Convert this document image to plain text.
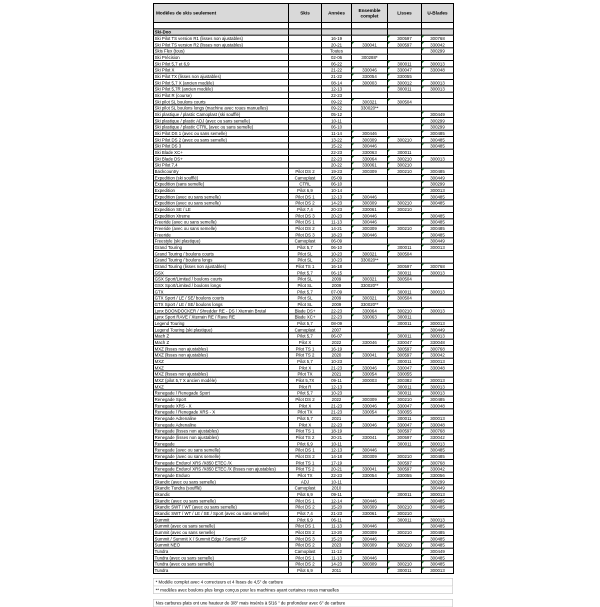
Modèles de skis seulement	Skis	Années	Ensemble complet	Lisses	U-Blades

Ski-Doo					
Ski Pilot TS version R1 (lisses non ajustables)		16-19		300597	300768
Ski Pilot TS version R2 (lisses non ajustables)		20-21	330041	300597	330042
Skis Flex (tous)		Toutes			300299
Ski Précision		02-06	300288*		
Ski Pilot 5,7 et 6,9		06-22		300011	300013
Ski Pilot X		21-22	330046	330047	330048
Ski Pilot TX (lisses non ajustables)		21-22	330054	330055	
Ski Pilot 5,7 X (ancien modèle)		08-14	300003	300012	300013
Ski Pilot 5,7R (ancien modèle)		12-13		300011	300013
Ski Pilot R (course)		22-23			
Ski pilot SL boulons courts		09-22	300321	300504	
Ski pilot SL boulons longs (machine avec roues manuelles)		09-22	330020**		
Ski plastique / plastic Camoplast (ski soufflé)		05-12			300449
Ski plastique / plastic ADJ (avec ou sans semelle)		10-11			300299
Ski plastique / plastic CTRL (avec ou sans semelle)		06-10			300299
Ski Pilot DS 1 (avec ou sans semelle)		11-14	300446		300485
Ski Pilot DS 2 (avec ou sans semelle)		13-22	300309	300210	300485
Ski Pilot DS 3		15-22	300446		300485
Ski Blade XC+		22-23	330063	300011	
Ski Blade DS+		22-23	330064	300210	300013
Ski Pilot 7,4		20-22	330061	300210	
Backcountry	Pilot DS 2	19-23	300309	300210	300485
Expedition (ski soufflé)	Camoplast	05-09			300449
Expedition (sans semelle)	CTRL	06-10			300299
Expedition	Pilot 6,9	10-14			300013
Expedition (avec ou sans semelle)	Pilot DS 1	12-13	300446		300485
Expedition (avec ou sans semelle)	Pilot DS 2	14-23	300309	300210	300485
Expedition SE / LE	Pilot 7,4	20-23	330061	300210	
Expedition Xtreme	Pilot DS 3	20-23	300446		300485
Freeride (avec ou sans semelle)	Pilot DS 1	11-13	300446		300485
Freeride (avec ou sans semelle)	Pilot DS 2	14-21	300309	300210	300485
Freeride	Pilot DS 3	18-23	300446		300485
Freestyle (ski plastique)	Camoplast	06-09			300449
Grand Touring	Pilot 5,7	06-10		300011	300013
Grand Touring / boulons courts	Pilot SL	10-23	300321	300504	
Grand Touring / boulons longs	Pilot SL	10-23	330020**		
Grand Touring (lisses non ajustables)	Pilot TS 1	16-18		300597	300768
GSX	Pilot 5,7	06-15		300011	300013
GSX Sport/Limited / boulons courts	Pilot SL	2009	300321	300504	
GSX Sport/Limited / boulons longs	Pilot SL	2009	330020**		
GTX	Pilot 5,7	07-09		300011	300013
GTX Sport / LE / SE/ boulons courts	Pilot SL	2009	300321	300504	
GTX Sport / LE / SE/ boulons longs	Pilot SL	2009	330020**		
Lynx BOONDOCKER / Shredder RE - DS / Xterrain Brutal	Blade DS+	22-23	330064	300210	300013
Lynx Sport RAVE / Xterrain RE / Rave RE	Blade XC+	22-23	330063	300011	
Legend Touring	Pilot 5,7	08-09		300011	300013
Legend Touring (ski plastique)	Camoplast	2007			300449
Mach Z	Pilot 5,7	06-07		300011	300013
Mach Z	Pilot X	2022	330046	330047	330048
MXZ (lisses non ajustables)	Pilot TS 1	16-19		300597	300768
MXZ (lisses non ajustables)	Pilot TS 2	2020	330041	300597	330042
MXZ	Pilot 5,7	10-23		300011	300013
MXZ	Pilot X	21-23	330046	330047	330048
MXZ (lisses non ajustables)	Pilot TX	2021	330054	330055	
MXZ (pilot 5,7 X ancien modèle)	Pilot 5,7X	09-11	300003	300382	300013
MXZ	Pilot R	12-13		300011	300013
Renegade / Renegade Sport	Pilot 5,7	10-23		300011	300013
Renegade Sport	Pilot DS 2	2022	300309	300210	300485
Renegade XRS - X	Pilot X	21-23	330046	330047	330048
Renegade / Renegade XRS - X	Pilot TX	21-23	330054	330055	
Renegade Adrenaline	Pilot 5,7	2021		300011	300013
Renegade Adrenaline	Pilot X	22-23	330046	330047	330048
Renegade (lisses non ajustables)	Pilot TS 1	18-19		300597	300768
Renegade (lisses non ajustables)	Pilot TS 2	20-21	330041	300597	330042
Renegade	Pilot 6,9	10-11		300011	300013
Renegade (avec ou sans semelle)	Pilot DS 1	12-13	300446		300485
Renegade (avec ou sans semelle)	Pilot DS 2	14-18	300309	300210	300485
Renegade Enduro/ XRS /X850 ETEC /X	Pilot TS 1	17-19		300597	300768
Renegade Enduro/ XRS /X850 ETEC /X (lisses non ajustables)	Pilot TS 2	20-21	330041	300597	330042
Renegade Enduro	Pilot TX	22-23	330054	330055	330056
Skandic (avec ou sans semelle)	ADJ	10-11			300299
Skandic Tundra (soufflé)	Camoplast	2010			300449
Skandic	Pilot 6,9	09-11		300011	300013
Skandic (avec ou sans semelle)	Pilot DS 1	12-14	300446		300485
Skandic SWT / WT (avec ou sans semelle)	Pilot DS 2	15-20	300309	300210	300485
Skandic SWT / WT / LE / SE / Sport (avec ou sans semelle)	Pilot 7,4	21-23	330061	300210	
Summit	Pilot 6,9	06-11		300011	300013
Summit (avec ou sans semelle)	Pilot DS 1	11-13	300446		300485
Summit (avec ou sans semelle)	Pilot DS 2	13-20	300309	300210	300485
Summit / Summit X / Summit Edge / Summit SP	Pilot DS 3	15-23	300446		300485
Summit NEO	Pilot DS 2	2023	300309	300210	300485
Tundra	Camoplast	11-12			300449
Tundra (avec ou sans semelle)	Pilot DS 1	11-13	300446		300485
Tundra (avec ou sans semelle)	Pilot DS 2	14-23	300309	300210	300485
Tundra	Pilot 6,9	2011		300011	300013
* Modèle complet avec 4 correcteurs et 4 lisses de 4,5" de carbure
** modèles avec boulons plus longs conçus pour les machines ayant certaines roues manuelles
Nos carbures plats ont une hauteur de 3/8" mais insérés à 5/16 " de profondeur avec 6" de carbure
